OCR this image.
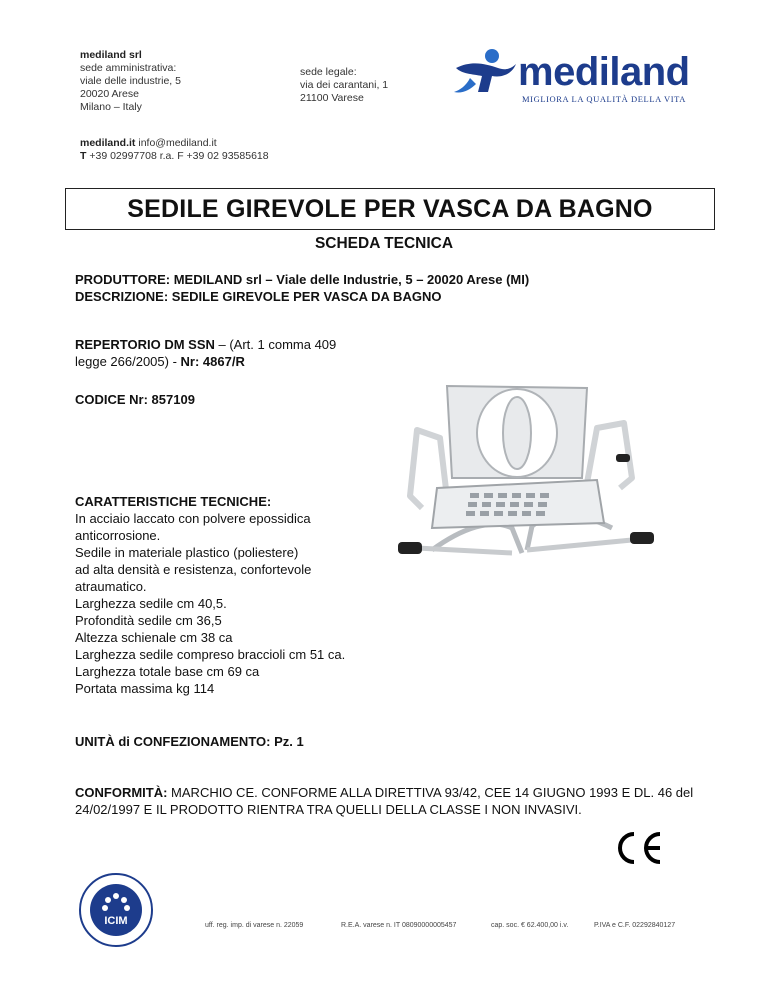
mediland srl
sede amministrativa:
viale delle industrie, 5
20020 Arese
Milano – Italy
sede legale:
via dei carantani, 1
21100 Varese
mediland.it info@mediland.it
T +39 02997708 r.a. F +39 02 93585618
mediland
MIGLIORA LA QUALITÀ DELLA VITA
SEDILE GIREVOLE PER VASCA DA BAGNO
SCHEDA TECNICA
PRODUTTORE: MEDILAND srl – Viale delle Industrie, 5 – 20020 Arese (MI)
DESCRIZIONE: SEDILE GIREVOLE PER VASCA DA BAGNO
REPERTORIO DM SSN – (Art. 1 comma 409
legge 266/2005) - Nr: 4867/R
CODICE Nr: 857109
CARATTERISTICHE TECNICHE:
In acciaio laccato con polvere epossidica
anticorrosione.
Sedile in materiale plastico (poliestere)
ad alta densità e resistenza, confortevole
atraumatico.
Larghezza sedile cm 40,5.
Profondità sedile cm 36,5
Altezza schienale cm 38 ca
Larghezza sedile compreso braccioli cm 51 ca.
Larghezza totale base cm 69 ca
Portata massima kg 114
UNITÀ di CONFEZIONAMENTO: Pz. 1
CONFORMITÀ: MARCHIO CE. CONFORME ALLA DIRETTIVA 93/42, CEE 14 GIUGNO 1993 E DL. 46 del 24/02/1997 E IL PRODOTTO RIENTRA TRA QUELLI DELLA CLASSE I NON INVASIVI.
ICIM	uff. reg. imp. di varese n. 22059	R.E.A. varese n. IT 08090000005457	cap. soc. € 62.400,00 i.v.	P.IVA e C.F. 02292840127
